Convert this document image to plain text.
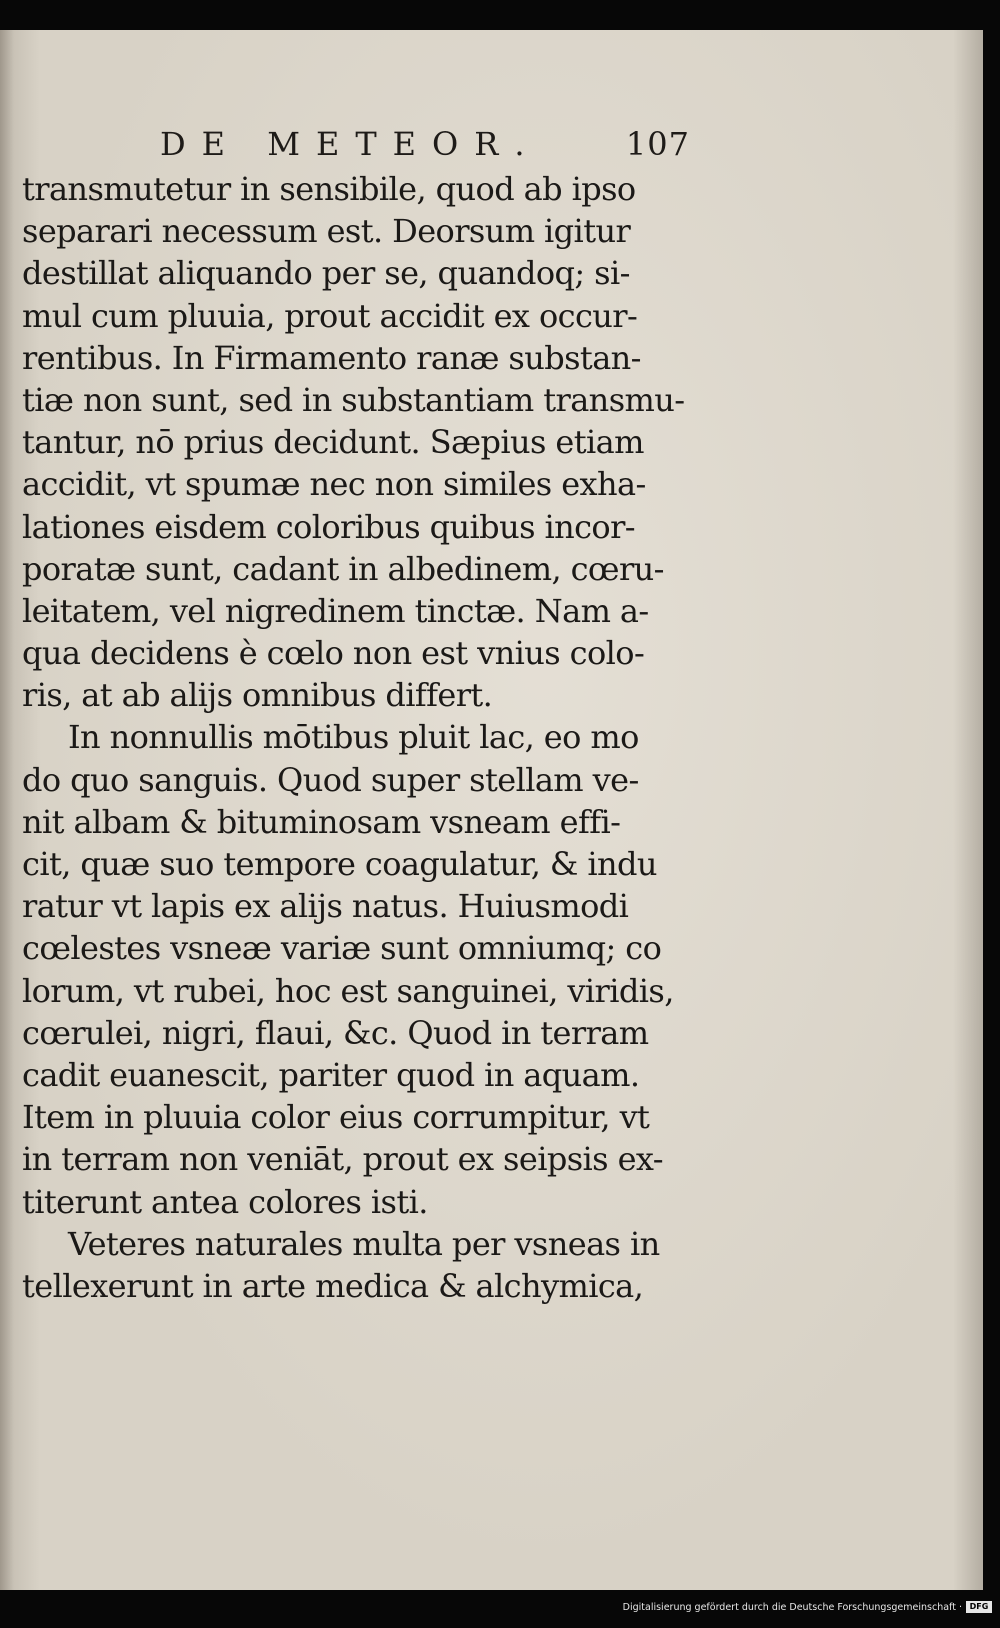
DE METEOR.	107
transmutetur in sensibile, quod ab ipso
separari necessum est. Deorsum igitur
destillat aliquando per se, quandoq; si-
mul cum pluuia, prout accidit ex occur-
rentibus. In Firmamento ranæ substan-
tiæ non sunt, sed in substantiam transmu-
tantur, nō prius decidunt. Sæpius etiam
accidit, vt spumæ nec non similes exha-
lationes eisdem coloribus quibus incor-
poratæ sunt, cadant in albedinem, cœru-
leitatem, vel nigredinem tinctæ. Nam a-
qua decidens è cœlo non est vnius colo-
ris, at ab alijs omnibus differt.
In nonnullis mōtibus pluit lac, eo mo
do quo sanguis. Quod super stellam ve-
nit albam & bituminosam vsneam effi-
cit, quæ suo tempore coagulatur, & indu
ratur vt lapis ex alijs natus. Huiusmodi
cœlestes vsneæ variæ sunt omniumq; co
lorum, vt rubei, hoc est sanguinei, viridis,
cœrulei, nigri, flaui, &c. Quod in terram
cadit euanescit, pariter quod in aquam.
Item in pluuia color eius corrumpitur, vt
in terram non veniāt, prout ex seipsis ex-
titerunt antea colores isti.
Veteres naturales multa per vsneas in
tellexerunt in arte medica & alchymica,
Digitalisierung gefördert durch die Deutsche Forschungsgemeinschaft · DFG
